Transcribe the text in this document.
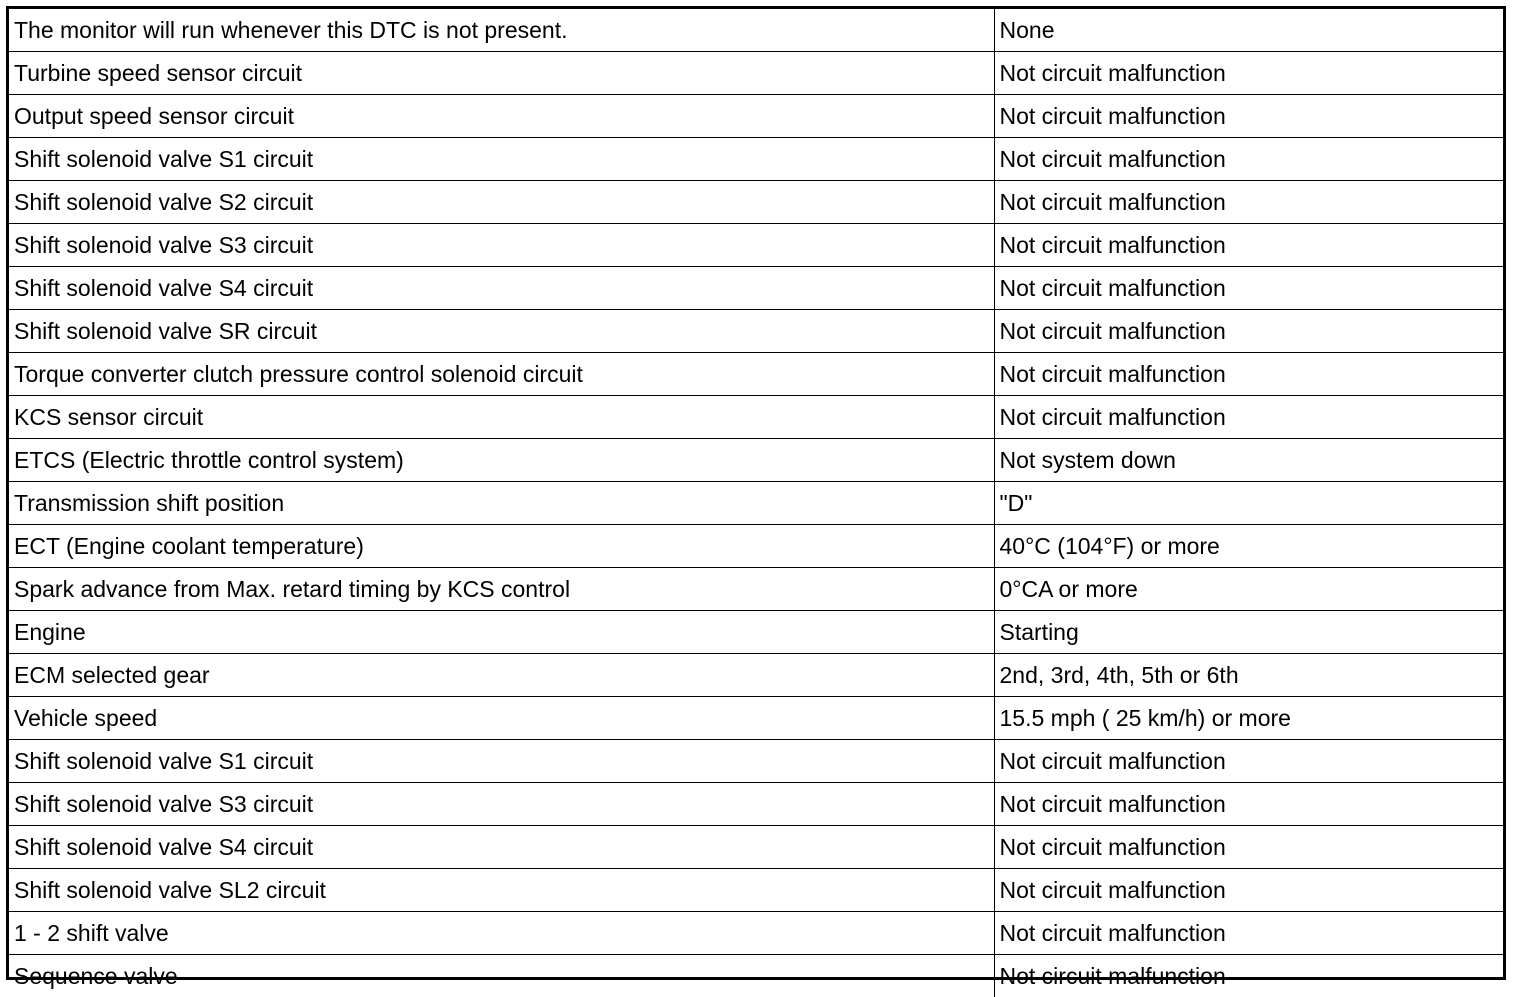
The monitor will run whenever this DTC is not present.	None
Turbine speed sensor circuit	Not circuit malfunction
Output speed sensor circuit	Not circuit malfunction
Shift solenoid valve S1 circuit	Not circuit malfunction
Shift solenoid valve S2 circuit	Not circuit malfunction
Shift solenoid valve S3 circuit	Not circuit malfunction
Shift solenoid valve S4 circuit	Not circuit malfunction
Shift solenoid valve SR circuit	Not circuit malfunction
Torque converter clutch pressure control solenoid circuit	Not circuit malfunction
KCS sensor circuit	Not circuit malfunction
ETCS (Electric throttle control system)	Not system down
Transmission shift position	"D"
ECT (Engine coolant temperature)	40°C (104°F) or more
Spark advance from Max. retard timing by KCS control	0°CA or more
Engine	Starting
ECM selected gear	2nd, 3rd, 4th, 5th or 6th
Vehicle speed	15.5 mph ( 25 km/h) or more
Shift solenoid valve S1 circuit	Not circuit malfunction
Shift solenoid valve S3 circuit	Not circuit malfunction
Shift solenoid valve S4 circuit	Not circuit malfunction
Shift solenoid valve SL2 circuit	Not circuit malfunction
1 - 2 shift valve	Not circuit malfunction
Sequence valve	Not circuit malfunction
